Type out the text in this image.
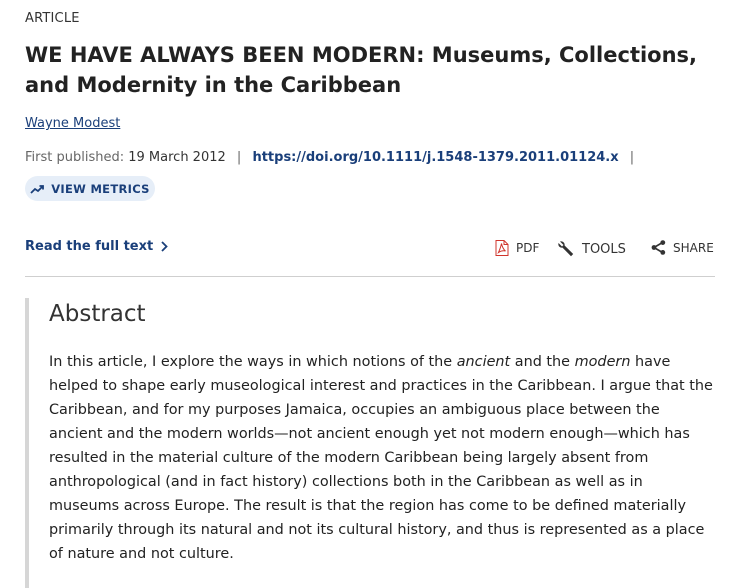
ARTICLE
WE HAVE ALWAYS BEEN MODERN: Museums, Collections, and Modernity in the Caribbean
Wayne Modest
First published: 19 March 2012 | https://doi.org/10.1111/j.1548-1379.2011.01124.x |
VIEW METRICS
Read the full text	PDF	TOOLS	SHARE
Abstract

In this article, I explore the ways in which notions of the ancient and the modern have helped to shape early museological interest and practices in the Caribbean. I argue that the Caribbean, and for my purposes Jamaica, occupies an ambiguous place between the ancient and the modern worlds—not ancient enough yet not modern enough—which has resulted in the material culture of the modern Caribbean being largely absent from anthropological (and in fact history) collections both in the Caribbean as well as in museums across Europe. The result is that the region has come to be defined materially primarily through its natural and not its cultural history, and thus is represented as a place of nature and not culture.
